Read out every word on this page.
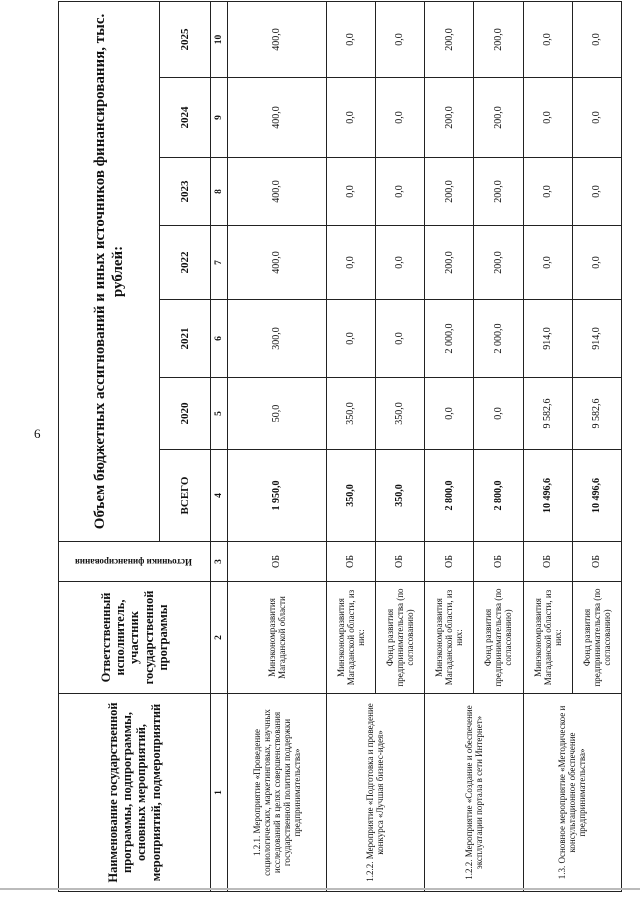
6
Наименование государственной программы, подпрограммы, основных мероприятий, мероприятий, подмероприятий	Ответственный исполнитель, участник государственной программы	Источники финансирования	Объем бюджетных ассигнований и иных источников финансирования, тыс. рублей:						
			ВСЕГО	2020	2021	2022	2023	2024	2025
1	2	3	4	5	6	7	8	9	10
1.2.1. Мероприятие «Проведение социологических, маркетинговых, научных исследований в целях совершенствования государственной политики поддержки предпринимательства»	Минэкономразвития Магаданской области	ОБ	1 950,0	50,0	300,0	400,0	400,0	400,0	400,0
1.2.2. Мероприятие «Подготовка и проведение конкурса «Лучшая бизнес-идея»	Минэкономразвития Магаданской области, из них:	ОБ	350,0	350,0	0,0	0,0	0,0	0,0	0,0
	Фонд развития предпринимательства (по согласованию)	ОБ	350,0	350,0	0,0	0,0	0,0	0,0	0,0
1.2.2. Мероприятие «Создание и обеспечение эксплуатации портала в сети Интернет»	Минэкономразвития Магаданской области, из них:	ОБ	2 800,0	0,0	2 000,0	200,0	200,0	200,0	200,0
	Фонд развития предпринимательства (по согласованию)	ОБ	2 800,0	0,0	2 000,0	200,0	200,0	200,0	200,0
1.3. Основное мероприятие «Методическое и консультационное обеспечение предпринимательства»	Минэкономразвития Магаданской области, из них:	ОБ	10 496,6	9 582,6	914,0	0,0	0,0	0,0	0,0
	Фонд развития предпринимательства (по согласованию)	ОБ	10 496,6	9 582,6	914,0	0,0	0,0	0,0	0,0
